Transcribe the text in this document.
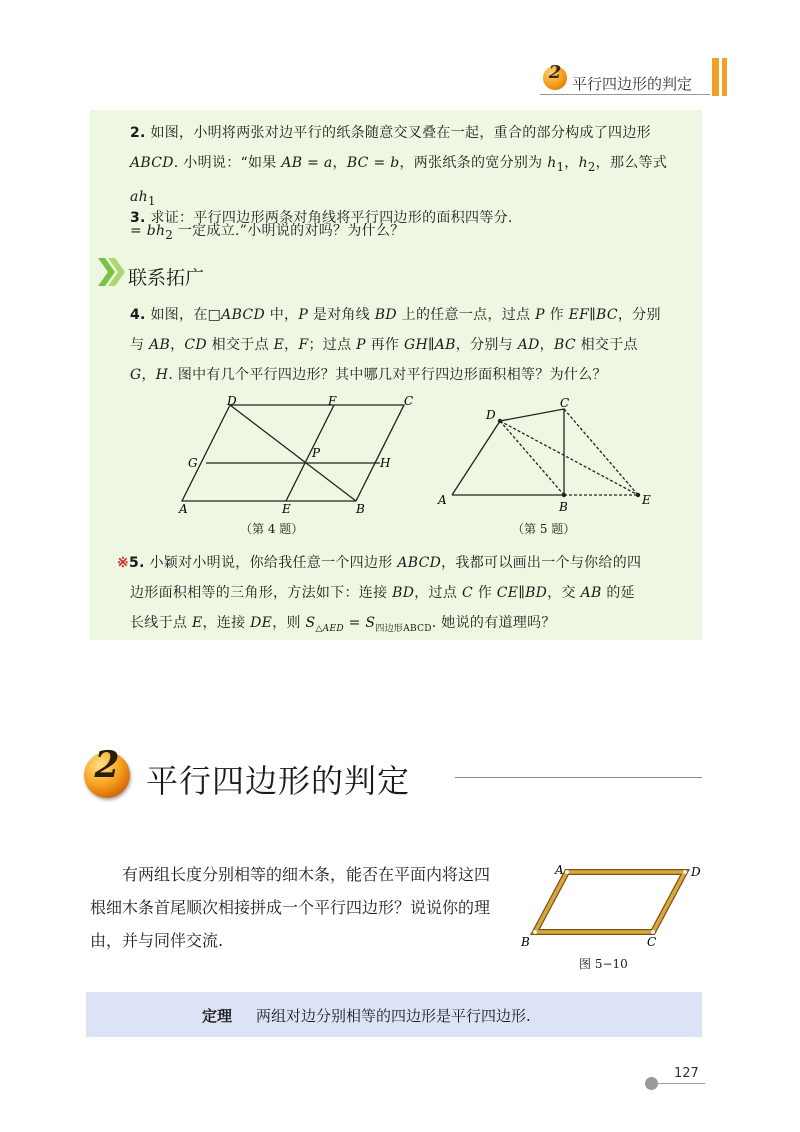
2
平行四边形的判定
2. 如图，小明将两张对边平行的纸条随意交叉叠在一起，重合的部分构成了四边形
ABCD. 小明说：“如果 AB = a，BC = b，两张纸条的宽分别为 $h_1$，$h_2$，那么等式 $ah_1$
= $bh_2$ 一定成立.”小明说的对吗？为什么？
3. 求证：平行四边形两条对角线将平行四边形的面积四等分.
联系拓广
4. 如图，在□ABCD 中，P 是对角线 BD 上的任意一点，过点 P 作 EF∥BC，分别
与 AB，CD 相交于点 E，F；过点 P 再作 GH∥AB，分别与 AD，BC 相交于点
G，H. 图中有几个平行四边形？其中哪几对平行四边形面积相等？为什么？
D	F	C
G
P
H
A	E	B
（第 4 题）
D
C
A	B	E
（第 5 题）
※5. 小颖对小明说，你给我任意一个四边形 ABCD，我都可以画出一个与你给的四
边形面积相等的三角形，方法如下：连接 BD，过点 C 作 CE∥BD，交 AB 的延
长线于点 E，连接 DE，则 $S_{\triangle AED} = S_{四边形ABCD}$. 她说的有道理吗？
2 平行四边形的判定
有两组长度分别相等的细木条，能否在平面内将这四根细木条首尾顺次相接拼成一个平行四边形？说说你的理由，并与同伴交流.
A	D
B	C
图 5−10
定理 两组对边分别相等的四边形是平行四边形.
127
